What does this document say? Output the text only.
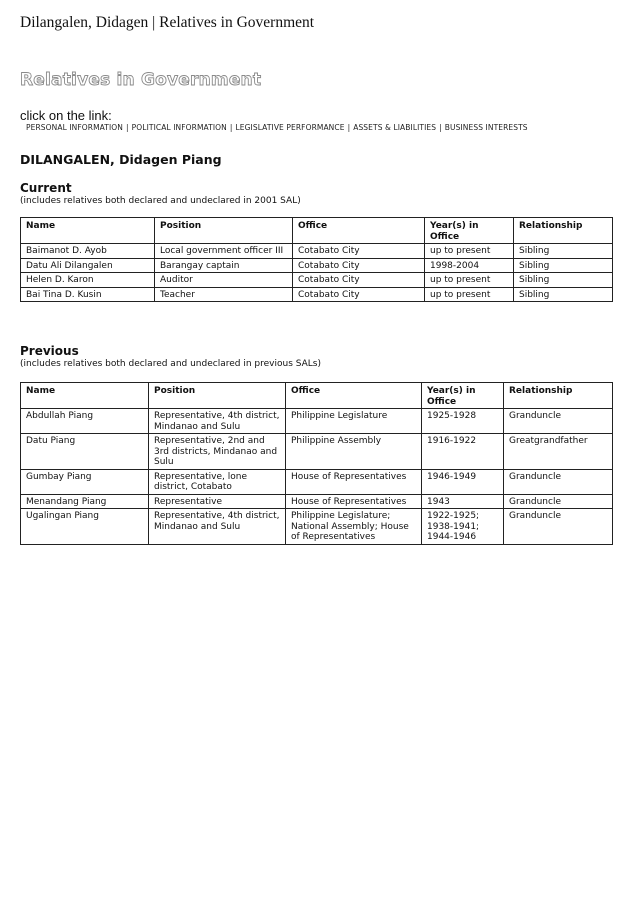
Dilangalen, Didagen | Relatives in Government
Relatives in Government
click on the link:
PERSONAL INFORMATION | POLITICAL INFORMATION | LEGISLATIVE PERFORMANCE | ASSETS & LIABILITIES | BUSINESS INTERESTS
DILANGALEN, Didagen Piang
Current
(includes relatives both declared and undeclared in 2001 SAL)
Name	Position	Office	Year(s) in Office	Relationship
Baimanot D. Ayob	Local government officer III	Cotabato City	up to present	Sibling
Datu Ali Dilangalen	Barangay captain	Cotabato City	1998-2004	Sibling
Helen D. Karon	Auditor	Cotabato City	up to present	Sibling
Bai Tina D. Kusin	Teacher	Cotabato City	up to present	Sibling
Previous
(includes relatives both declared and undeclared in previous SALs)
Name	Position	Office	Year(s) in Office	Relationship
Abdullah Piang	Representative, 4th district, Mindanao and Sulu	Philippine Legislature	1925-1928	Granduncle
Datu Piang	Representative, 2nd and 3rd districts, Mindanao and Sulu	Philippine Assembly	1916-1922	Greatgrandfather
Gumbay Piang	Representative, lone district, Cotabato	House of Representatives	1946-1949	Granduncle
Menandang Piang	Representative	House of Representatives	1943	Granduncle
Ugalingan Piang	Representative, 4th district, Mindanao and Sulu	Philippine Legislature; National Assembly; House of Representatives	1922-1925; 1938-1941; 1944-1946	Granduncle
